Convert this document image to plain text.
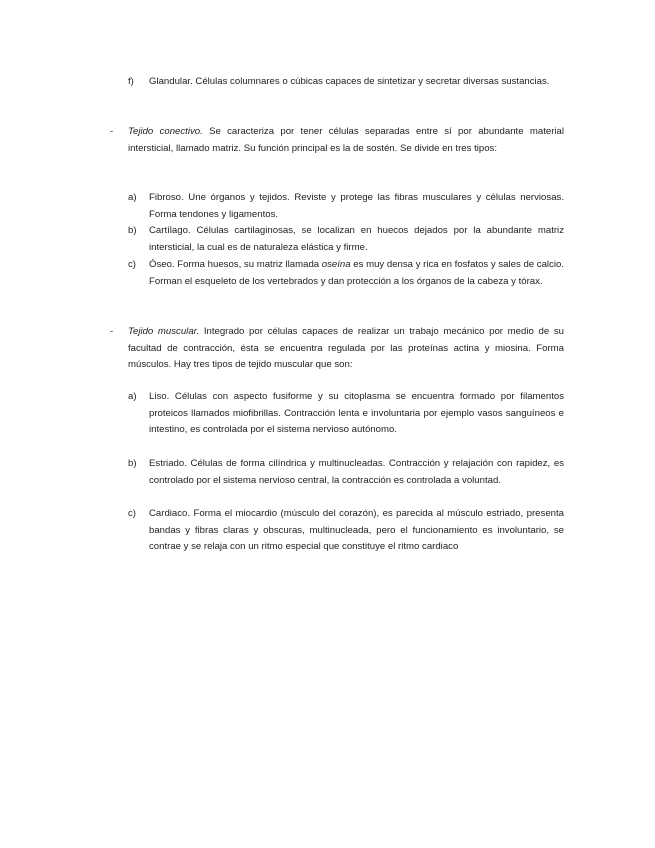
f) Glandular. Células columnares o cúbicas capaces de sintetizar y secretar diversas sustancias.
- Tejido conectivo. Se caracteriza por tener células separadas entre sí por abundante material intersticial, llamado matriz. Su función principal es la de sostén. Se divide en tres tipos:
a) Fibroso. Une órganos y tejidos. Reviste y protege las fibras musculares y células nerviosas. Forma tendones y ligamentos.
b) Cartílago. Células cartilaginosas, se localizan en huecos dejados por la abundante matriz intersticial, la cual es de naturaleza elástica y firme.
c) Óseo. Forma huesos, su matriz llamada oseína es muy densa y rica en fosfatos y sales de calcio. Forman el esqueleto de los vertebrados y dan protección a los órganos de la cabeza y tórax.
- Tejido muscular. Integrado por células capaces de realizar un trabajo mecánico por medio de su facultad de contracción, ésta se encuentra regulada por las proteínas actina y miosina. Forma músculos. Hay tres tipos de tejido muscular que son:
a) Liso. Células con aspecto fusiforme y su citoplasma se encuentra formado por filamentos proteicos llamados miofibrillas. Contracción lenta e involuntaria por ejemplo vasos sanguíneos e intestino, es controlada por el sistema nervioso autónomo.
b) Estriado. Células de forma cilíndrica y multinucleadas. Contracción y relajación con rapidez, es controlado por el sistema nervioso central, la contracción es controlada a voluntad.
c) Cardiaco. Forma el miocardio (músculo del corazón), es parecida al músculo estriado, presenta bandas y fibras claras y obscuras, multinucleada, pero el funcionamiento es involuntario, se contrae y se relaja con un ritmo especial que constituye el ritmo cardiaco
